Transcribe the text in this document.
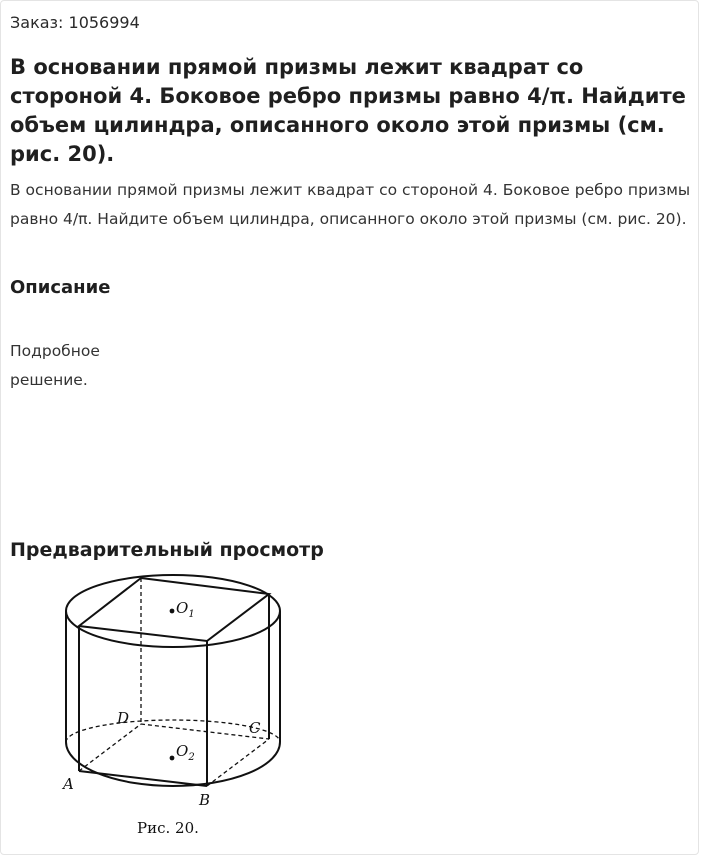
Заказ: 1056994
В основании прямой призмы лежит квадрат со стороной 4. Боковое ребро призмы равно 4/π. Найдите объем цилиндра, описанного около этой призмы (см. рис. 20).

В основании прямой призмы лежит квадрат со стороной 4. Боковое ребро призмы равно 4/π. Найдите объем цилиндра, описанного около этой призмы (см. рис. 20).

Описание
Подробное
решение.
Предварительный просмотр
$O_1$
$O_2$
A
B
C
D
Рис. 20.
